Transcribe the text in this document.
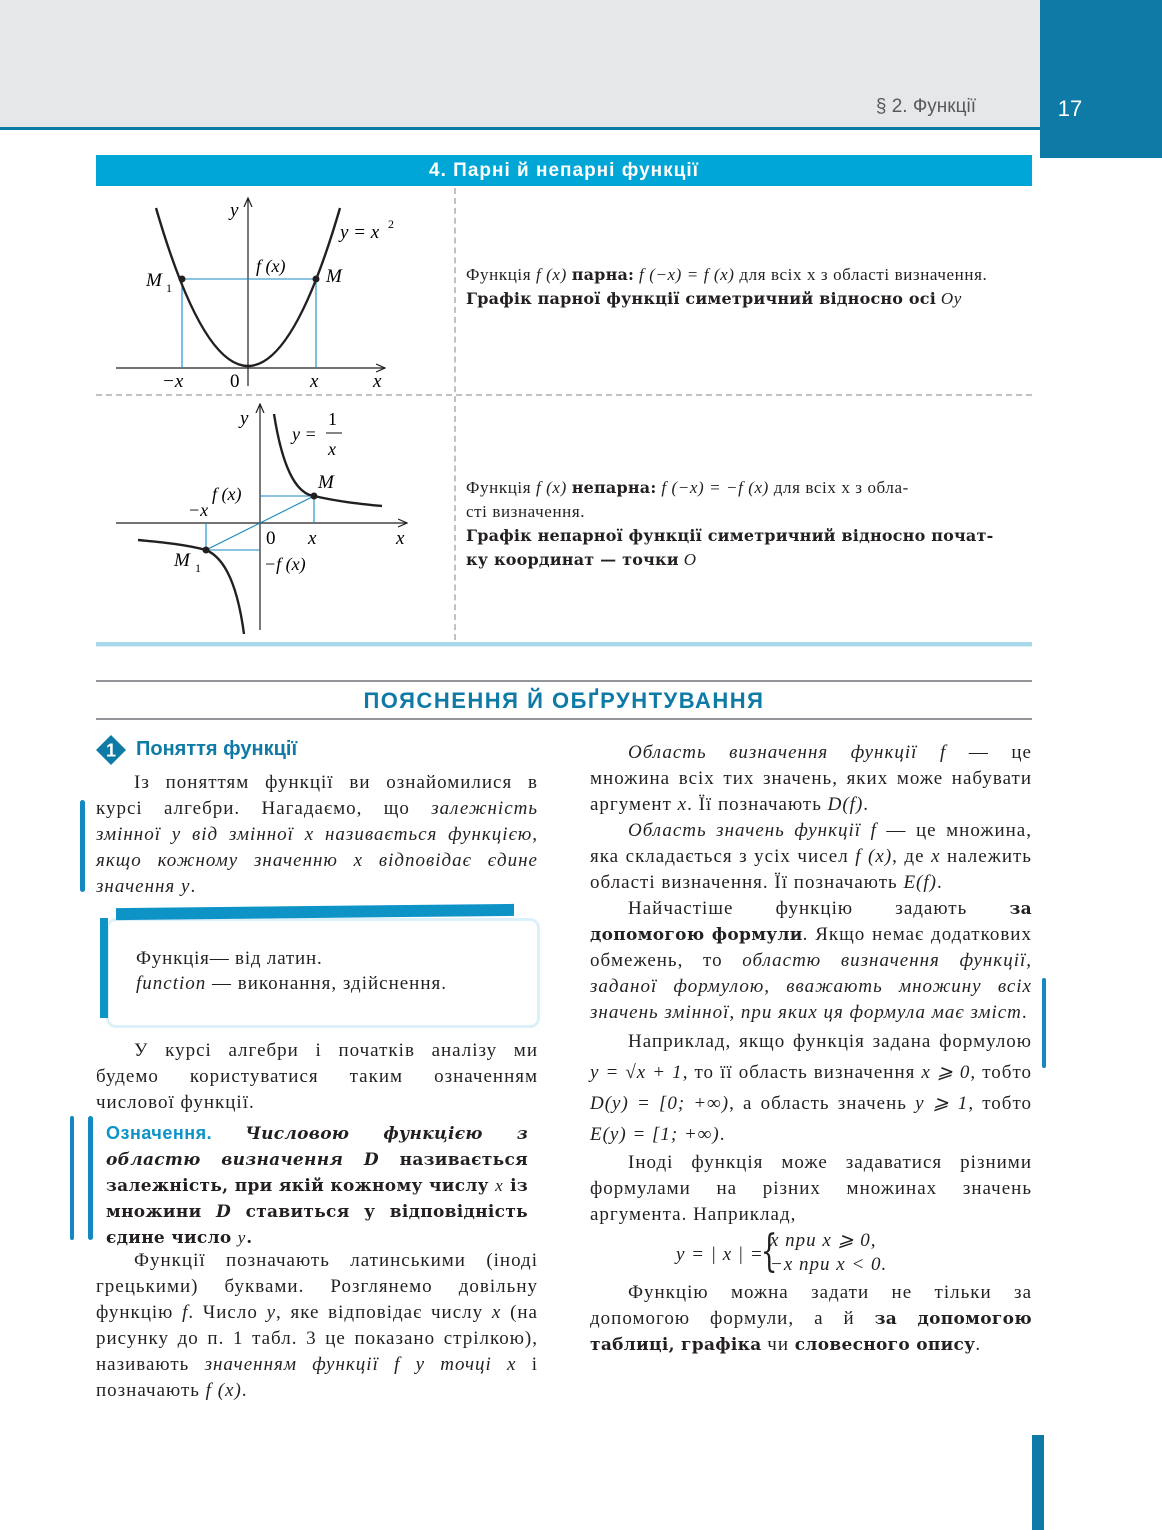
17
§ 2. Функції
4. Парні й непарні функції
y
x
y = x 2
f (x) M
M 1
−x 0	x
Функція f (x) парна: f (−x) = f (x) для всіх x з області визначення.
Графік парної функції симетричний відносно осі Oy
y
x
y =
1
x
f (x)
−x
M
0 x
M 1	−f (x)
Функція f (x) непарна: f (−x) = −f (x) для всіх x з обла-
сті визначення.
Графік непарної функції симетричний відносно почат-
ку координат — точки O
ПОЯСНЕННЯ Й ОБҐРУНТУВАННЯ
1 Поняття функції

Із поняттям функції ви ознайомилися в курсі алгебри. Нагадаємо, що залежність змінної y від змінної x називається функцією, якщо кожному значенню x відповідає єдине значення y.

Функція— від латин.
function — виконання, здійснення.

У курсі алгебри і початків аналізу ми будемо користуватися таким означенням числової функції.

Означення. Числовою функцією з областю визначення D називається залежність, при якій кожному числу x із множини D ставиться у відповідність єдине число y.

Функції позначають латинськими (іноді грецькими) буквами. Розглянемо довільну функцію f. Число y, яке відповідає числу x (на рисунку до п. 1 табл. 3 це показано стрілкою), називають значенням функції f у точці x і позначають f (x).

Область визначення функції f — це множина всіх тих значень, яких може набувати аргумент x. Її позначають D(f).

Область значень функції f — це множина, яка складається з усіх чисел f (x), де x належить області визначення. Її позначають E(f).

Найчастіше функцію задають за допомогою формули. Якщо немає додаткових обмежень, то областю визначення функції, заданої формулою, вважають множину всіх значень змінної, при яких ця формула має зміст.

Наприклад, якщо функція задана формулою y = √x + 1, то її область визначення x ⩾ 0, тобто D(y) = [0; +∞), а область значень y ⩾ 1, тобто E(y) = [1; +∞).

Іноді функція може задаватися різними формулами на різних множинах значень аргумента. Наприклад,

y = | x | =
{
x при x ⩾ 0,
−x при x < 0.

Функцію можна задати не тільки за допомогою формули, а й за допомогою таблиці, графіка чи словесного опису.
